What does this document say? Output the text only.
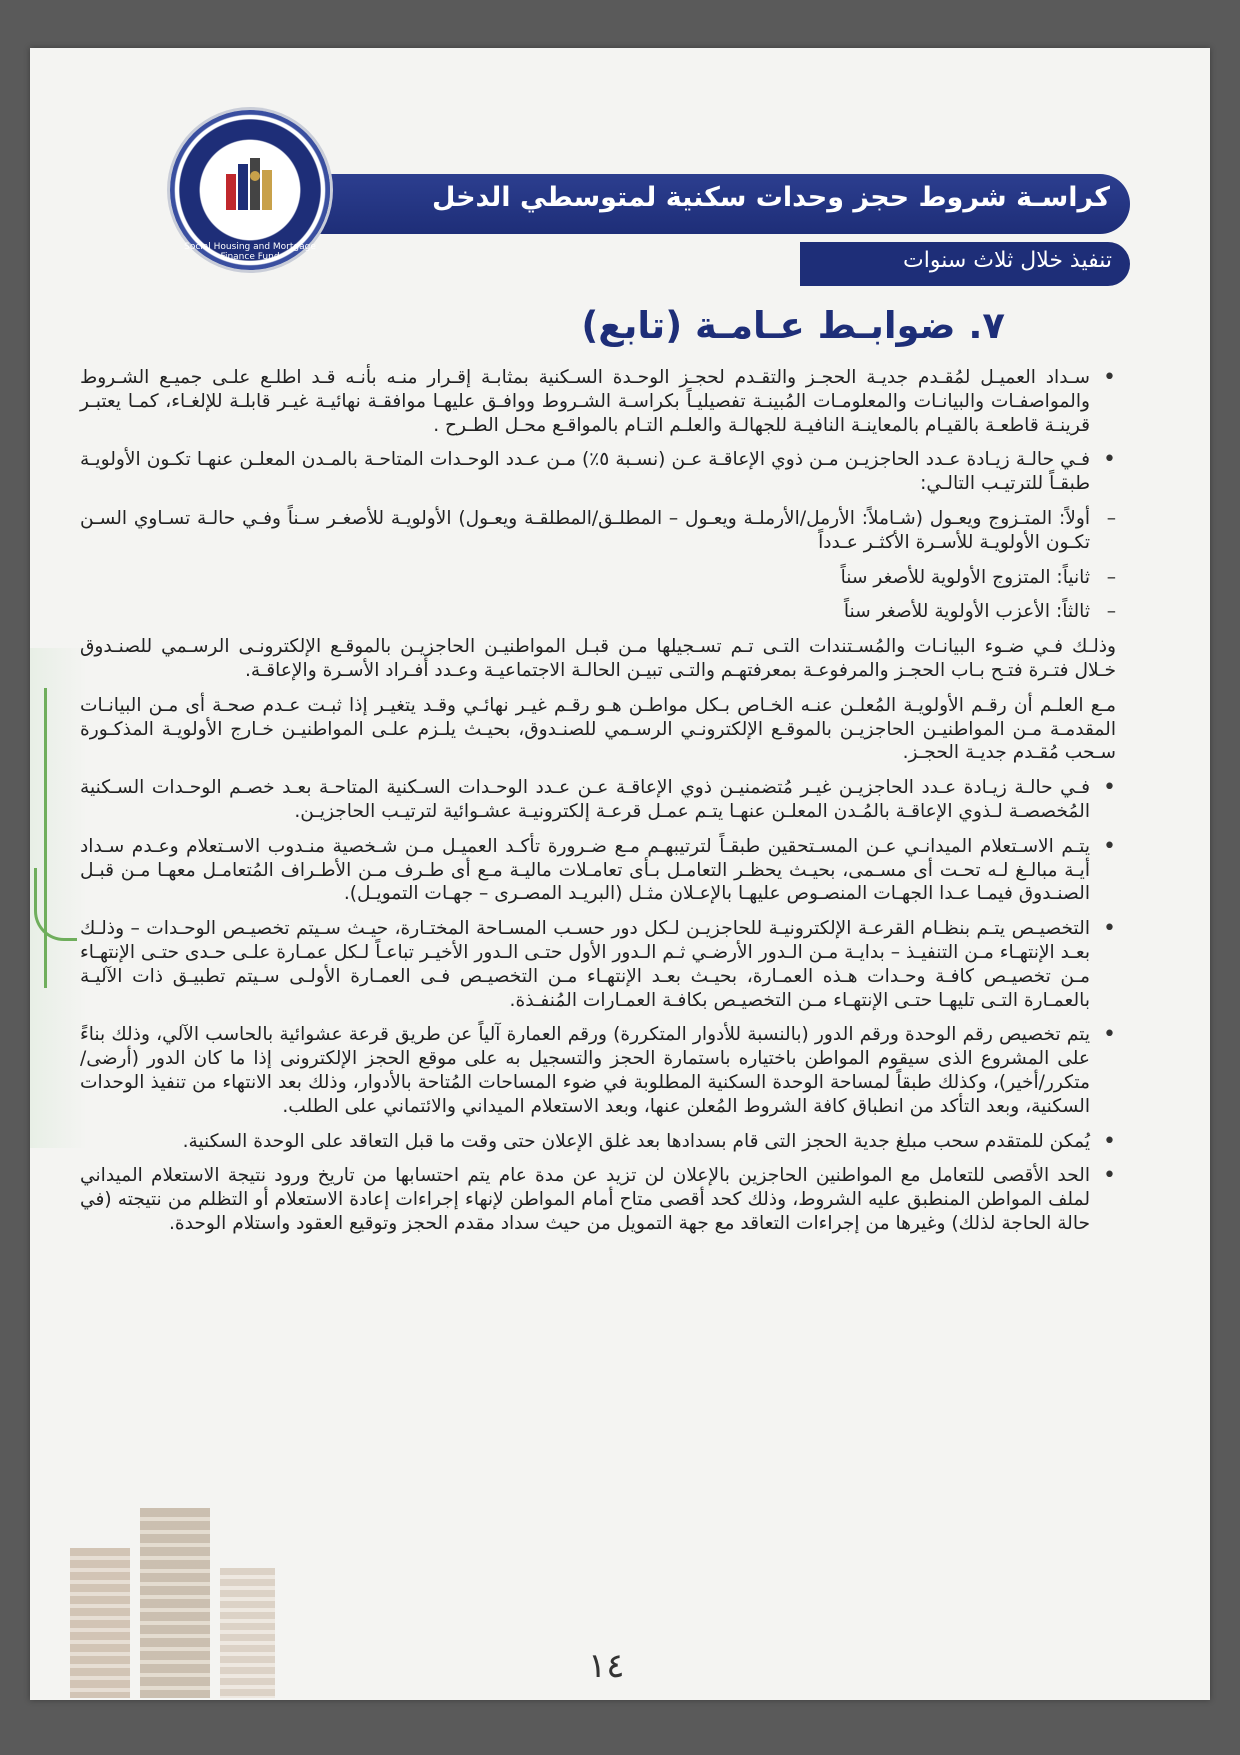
كراسـة شروط حجز وحدات سكنية لمتوسطي الدخل
تنفيذ خلال ثلاث سنوات
Social Housing and Mortgage Finance Fund
٧. ضوابـط عـامـة (تابع)

• سـداد العميـل لمُقـدم جديـة الحجـز والتقـدم لحجـز الوحـدة السـكنية بمثابـة إقـرار منـه بأنـه قـد اطلـع علـى جميـع الشـروط والمواصفـات والبيانـات والمعلومـات المُبينـة تفصيليـاً بكراسـة الشـروط ووافـق عليهـا موافقـة نهائيـة غيـر قابلـة للإلغـاء، كمـا يعتبـر قرينـة قاطعـة بالقيـام بالمعاينـة النافيـة للجهالـة والعلـم التـام بالمواقـع محـل الطـرح .

• فـي حالـة زيـادة عـدد الحاجزيـن مـن ذوي الإعاقـة عـن (نسـبة ٥٪) مـن عـدد الوحـدات المتاحـة بالمـدن المعلـن عنهـا تكـون الأولويـة طبقـاً للترتيـب التالـي:

– أولاً: المتـزوج ويعـول (شـاملاً: الأرمل/الأرملـة ويعـول – المطلـق/المطلقـة ويعـول) الأولويـة للأصغـر سـناً وفـي حالـة تسـاوي السـن تكـون الأولويـة للأسـرة الأكثـر عـدداً

– ثانياً: المتزوج الأولوية للأصغر سناً

– ثالثاً: الأعزب الأولوية للأصغر سناً

وذلـك فـي ضـوء البيانـات والمُسـتندات التـى تـم تسـجيلها مـن قبـل المواطنيـن الحاجزيـن بالموقـع الإلكترونـى الرسـمي للصنـدوق خـلال فتـرة فتـح بـاب الحجـز والمرفوعـة بمعرفتهـم والتـى تبيـن الحالـة الاجتماعيـة وعـدد أفـراد الأسـرة والإعاقـة.

مـع العلـم أن رقـم الأولويـة المُعلـن عنـه الخـاص بـكل مواطـن هـو رقـم غيـر نهائـي وقـد يتغيـر إذا ثبـت عـدم صحـة أى مـن البيانـات المقدمـة مـن المواطنيـن الحاجزيـن بالموقـع الإلكترونـي الرسـمي للصنـدوق، بحيـث يلـزم علـى المواطنيـن خـارج الأولويـة المذكـورة سـحب مُقـدم جديـة الحجـز.

• فـي حالـة زيـادة عـدد الحاجزيـن غيـر مُتضمنيـن ذوي الإعاقـة عـن عـدد الوحـدات السـكنية المتاحـة بعـد خصـم الوحـدات السـكنية المُخصصـة لـذوي الإعاقـة بالمُـدن المعلـن عنهـا يتـم عمـل قرعـة إلكترونيـة عشـوائية لترتيـب الحاجزيـن.

• يتـم الاسـتعلام الميدانـي عـن المسـتحقين طبقـاً لترتيبهـم مـع ضـرورة تأكـد العميـل مـن شـخصية منـدوب الاسـتعلام وعـدم سـداد أيـة مبالـغ لـه تحـت أى مسـمى، بحيـث يحظـر التعامـل بـأى تعامـلات ماليـة مـع أى طـرف مـن الأطـراف المُتعامـل معهـا مـن قبـل الصنـدوق فيمـا عـدا الجهـات المنصـوص عليهـا بالإعـلان مثـل (البريـد المصـرى – جهـات التمويـل).

• التخصيـص يتـم بنظـام القرعـة الإلكترونيـة للحاجزيـن لـكل دور حسـب المسـاحة المختـارة، حيـث سـيتم تخصيـص الوحـدات – وذلـك بعـد الإنتهـاء مـن التنفيـذ – بدايـة مـن الـدور الأرضـي ثـم الـدور الأول حتـى الـدور الأخيـر تباعـاً لـكل عمـارة علـى حـدى حتـى الإنتهـاء مـن تخصيـص كافـة وحـدات هـذه العمـارة، بحيـث بعـد الإنتهـاء مـن التخصيـص فـى العمـارة الأولـى سـيتم تطبيـق ذات الآليـة بالعمـارة التـى تليهـا حتـى الإنتهـاء مـن التخصيـص بكافـة العمـارات المُنفـذة.

• يتم تخصيص رقم الوحدة ورقم الدور (بالنسبة للأدوار المتكررة) ورقم العمارة آلياً عن طريق قرعة عشوائية بالحاسب الآلي، وذلك بناءً على المشروع الذى سيقوم المواطن باختياره باستمارة الحجز والتسجيل به على موقع الحجز الإلكترونى إذا ما كان الدور (أرضى/متكرر/أخير)، وكذلك طبقاً لمساحة الوحدة السكنية المطلوبة في ضوء المساحات المُتاحة بالأدوار، وذلك بعد الانتهاء من تنفيذ الوحدات السكنية، وبعد التأكد من انطباق كافة الشروط المُعلن عنها، وبعد الاستعلام الميداني والائتماني على الطلب.

• يُمكن للمتقدم سحب مبلغ جدية الحجز التى قام بسدادها بعد غلق الإعلان حتى وقت ما قبل التعاقد على الوحدة السكنية.

• الحد الأقصى للتعامل مع المواطنين الحاجزين بالإعلان لن تزيد عن مدة عام يتم احتسابها من تاريخ ورود نتيجة الاستعلام الميداني لملف المواطن المنطبق عليه الشروط، وذلك كحد أقصى متاح أمام المواطن لإنهاء إجراءات إعادة الاستعلام أو التظلم من نتيجته (في حالة الحاجة لذلك) وغيرها من إجراءات التعاقد مع جهة التمويل من حيث سداد مقدم الحجز وتوقيع العقود واستلام الوحدة.

١٤
